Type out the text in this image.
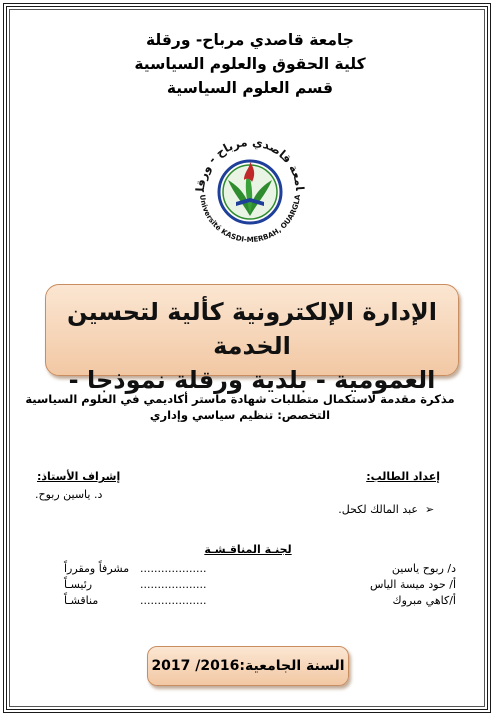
جامعة قاصدي مرباح- ورقلة
كلية الحقوق والعلوم السياسية
قسم العلوم السياسية
امعة قاصدي مرباح - ورقل
Université KASDI-MERBAH, OUARGLA
الإدارة الإلكترونية كألية لتحسين الخدمة
العمومية - بلدية ورقلة نموذجا -
مذكرة مقدمة لاستكمال متطلبات شهادة ماستر أكاديمي في العلوم السياسية
التخصص: تنظيم سياسي وإداري
إعداد الطالب:
➢
عبد المالك لكحل.
إشراف الأستاذ:
د. ياسين ربوح.
لجنـة المناقـشـة
د/ ربوح ياسين
...................
مشرفاً ومقرراً
أ/ حود ميسة الياس
...................
رئيسـاً
أ/كاهي مبروك
...................
مناقشـاً
السنة الجامعية:2016/ 2017
